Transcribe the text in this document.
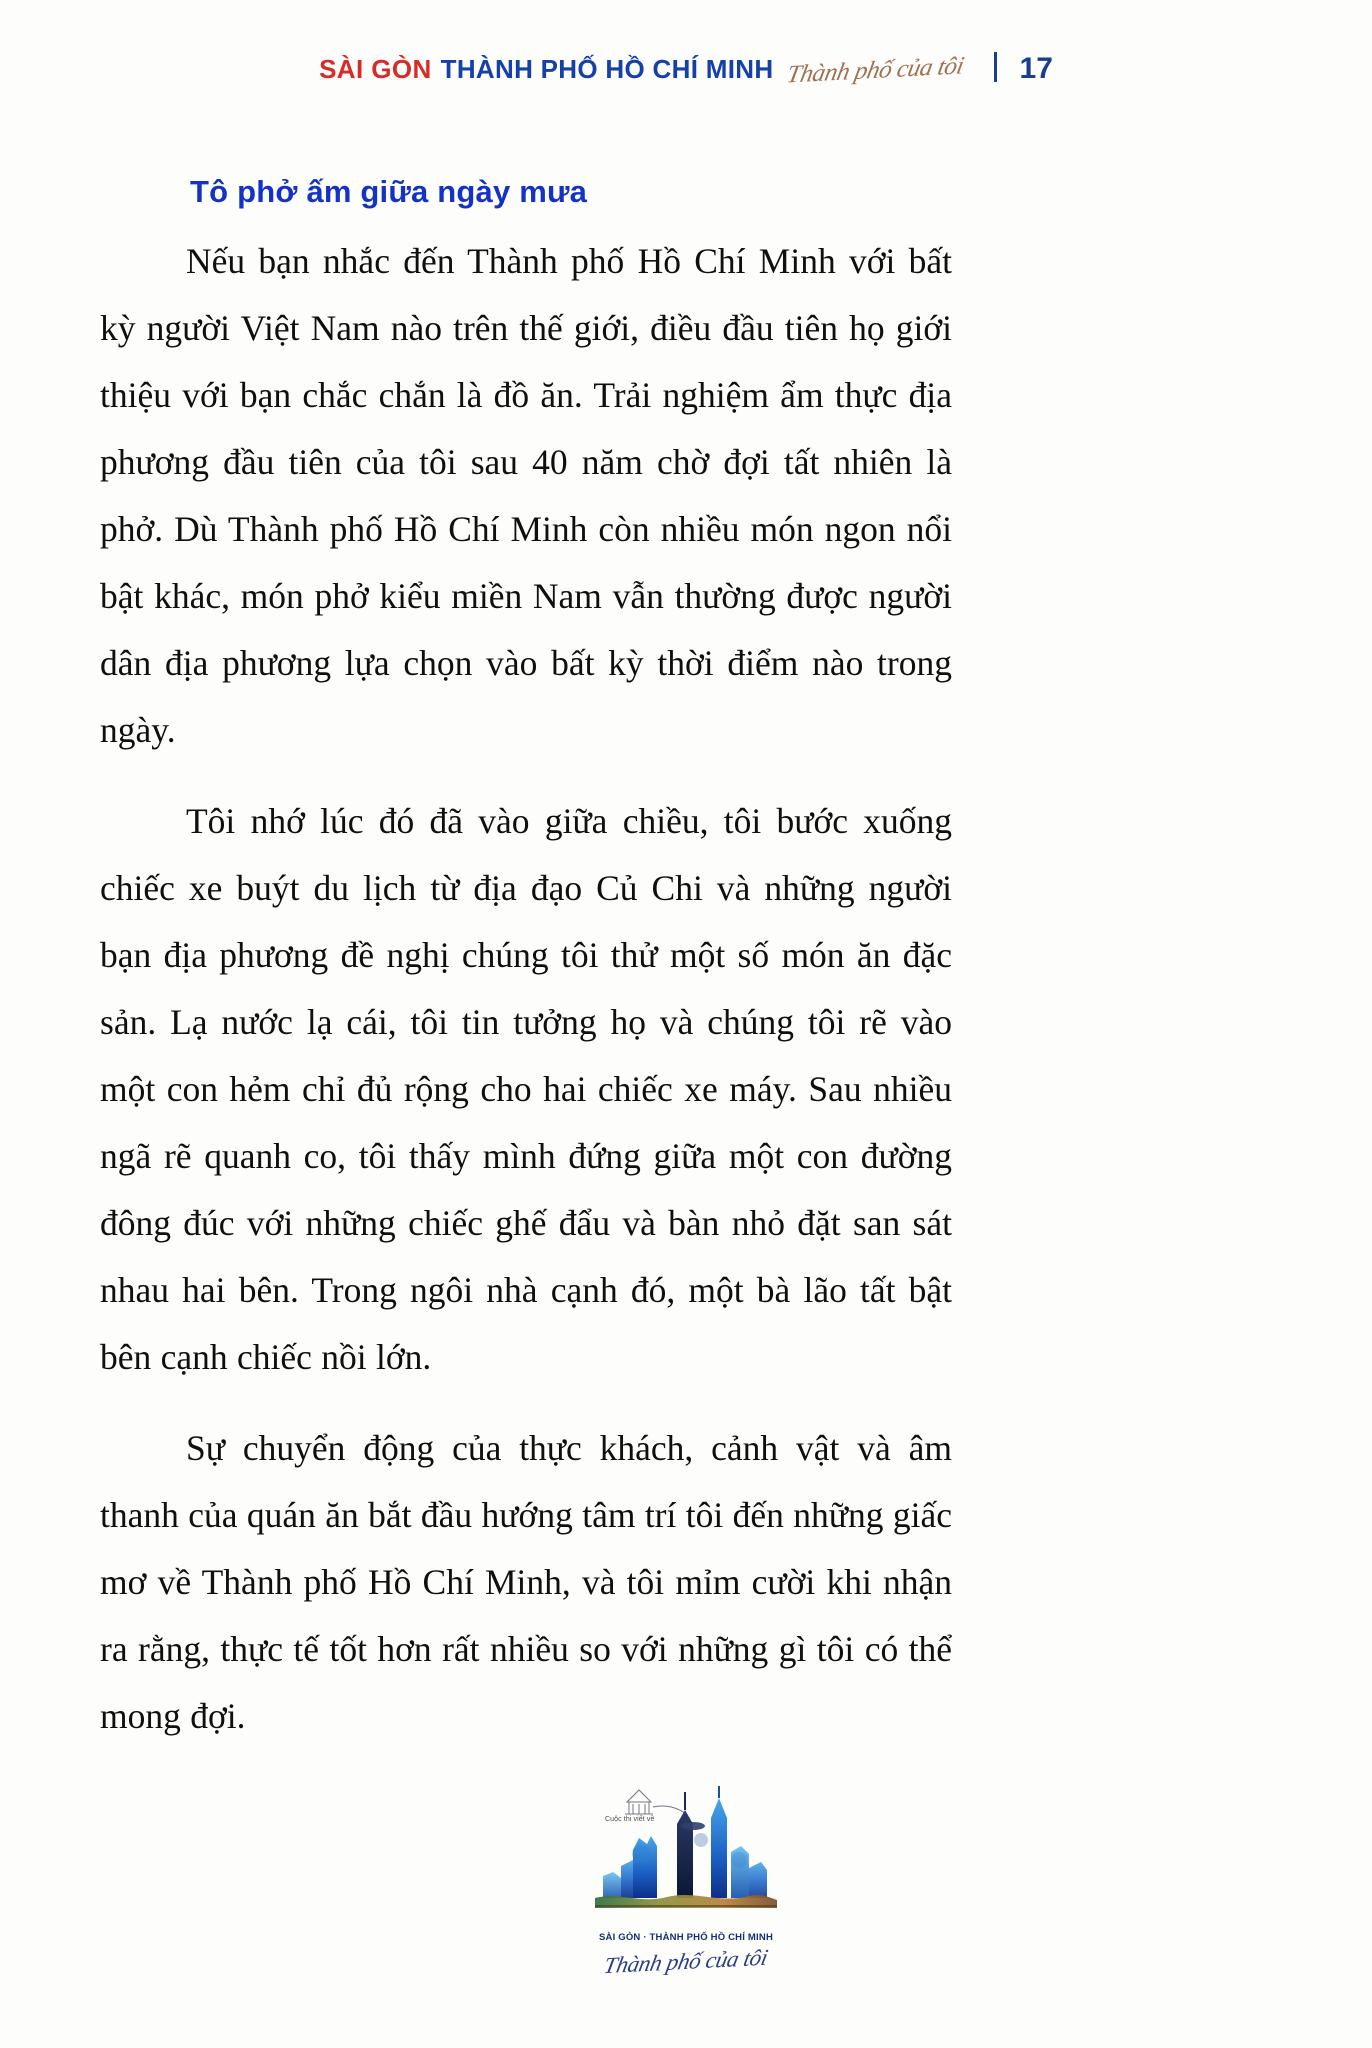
SÀI GÒN THÀNH PHỐ HỒ CHÍ MINH Thành phố của tôi 17
Tô phở ấm giữa ngày mưa

Nếu bạn nhắc đến Thành phố Hồ Chí Minh với bất kỳ người Việt Nam nào trên thế giới, điều đầu tiên họ giới thiệu với bạn chắc chắn là đồ ăn. Trải nghiệm ẩm thực địa phương đầu tiên của tôi sau 40 năm chờ đợi tất nhiên là phở. Dù Thành phố Hồ Chí Minh còn nhiều món ngon nổi bật khác, món phở kiểu miền Nam vẫn thường được người dân địa phương lựa chọn vào bất kỳ thời điểm nào trong ngày.

Tôi nhớ lúc đó đã vào giữa chiều, tôi bước xuống chiếc xe buýt du lịch từ địa đạo Củ Chi và những người bạn địa phương đề nghị chúng tôi thử một số món ăn đặc sản. Lạ nước lạ cái, tôi tin tưởng họ và chúng tôi rẽ vào một con hẻm chỉ đủ rộng cho hai chiếc xe máy. Sau nhiều ngã rẽ quanh co, tôi thấy mình đứng giữa một con đường đông đúc với những chiếc ghế đẩu và bàn nhỏ đặt san sát nhau hai bên. Trong ngôi nhà cạnh đó, một bà lão tất bật bên cạnh chiếc nồi lớn.

Sự chuyển động của thực khách, cảnh vật và âm thanh của quán ăn bắt đầu hướng tâm trí tôi đến những giấc mơ về Thành phố Hồ Chí Minh, và tôi mỉm cười khi nhận ra rằng, thực tế tốt hơn rất nhiều so với những gì tôi có thể mong đợi.

Cuộc thi viết về
SÀI GÒN · THÀNH PHỐ HỒ CHÍ MINH
Thành phố của tôi
